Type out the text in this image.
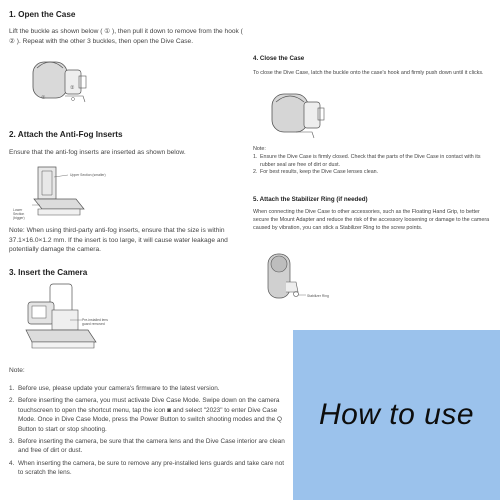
1. Open the Case
Lift the buckle as shown below ( ① ), then pull it down to remove from the hook ( ② ). Repeat with the other 3 buckles, then open the Dive Case.
①
②
2. Attach the Anti-Fog Inserts
Ensure that the anti-fog inserts are inserted as shown below.
Upper Section (smaller)
Lower Section (bigger)
Note: When using third-party anti-fog inserts, ensure that the size is within 37.1×16.0×1.2 mm. If the insert is too large, it will cause water leakage and potentially damage the camera.
3. Insert the Camera
Pre-installed lens guard removed
Note:
1. Before use, please update your camera's firmware to the latest version.
2. Before inserting the camera, you must activate Dive Case Mode. Swipe down on the camera touchscreen to open the shortcut menu, tap the icon ◙ and select "2023" to enter Dive Case Mode. Once in Dive Case Mode, press the Power Button to switch shooting modes and the Q Button to start or stop shooting.
3. Before inserting the camera, be sure that the camera lens and the Dive Case interior are clean and free of dirt or dust.
4. When inserting the camera, be sure to remove any pre-installed lens guards and take care not to scratch the lens.
4. Close the Case
To close the Dive Case, latch the buckle onto the case's hook and firmly push down until it clicks.
Note:
1. Ensure the Dive Case is firmly closed. Check that the parts of the Dive Case in contact with its rubber seal are free of dirt or dust.
2. For best results, keep the Dive Case lenses clean.
5. Attach the Stabilizer Ring (if needed)
When connecting the Dive Case to other accessories, such as the Floating Hand Grip, to better secure the Mount Adapter and reduce the risk of the accessory loosening or damage to the camera caused by vibration, you can stick a Stabilizer Ring to the screw points.
Stabilizer Ring
How to use
